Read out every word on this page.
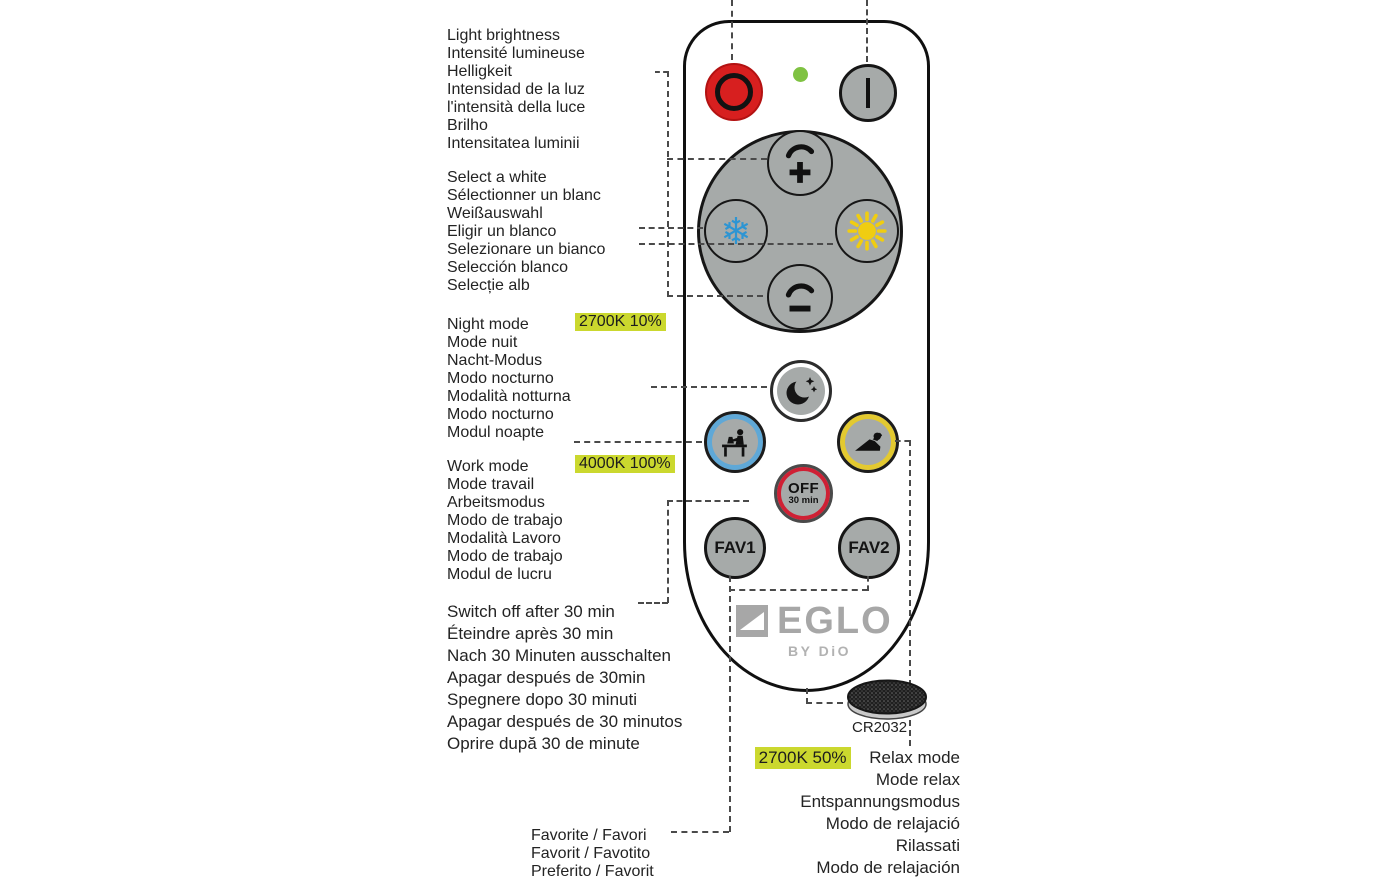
Light brightness
Intensité lumineuse
Helligkeit
Intensidad de la luz
l'intensità della luce
Brilho
Intensitatea luminii
Select a white
Sélectionner un blanc
Weißauswahl
Eligir un blanco
Selezionare un bianco
Selección blanco
Selecție alb
Night mode	2700K 10%
Mode nuit
Nacht-Modus
Modo nocturno
Modalità notturna
Modo nocturno
Modul noapte
Work mode	4000K 100%
Mode travail
Arbeitsmodus
Modo de trabajo
Modalità Lavoro
Modo de trabajo
Modul de lucru
Switch off after 30 min
Éteindre après 30 min
Nach 30 Minuten ausschalten
Apagar después de 30min
Spegnere dopo 30 minuti
Apagar después de 30 minutos
Oprire după 30 de minute
Favorite / Favori
Favorit / Favotito
Preferito / Favorit
2700K 50% Relax mode
Mode relax
Entspannungsmodus
Modo de relajació
Rilassati
Modo de relajación
❄
OFF
30 min
FAV1	FAV2
EGLO
BY DiO
CR2032
